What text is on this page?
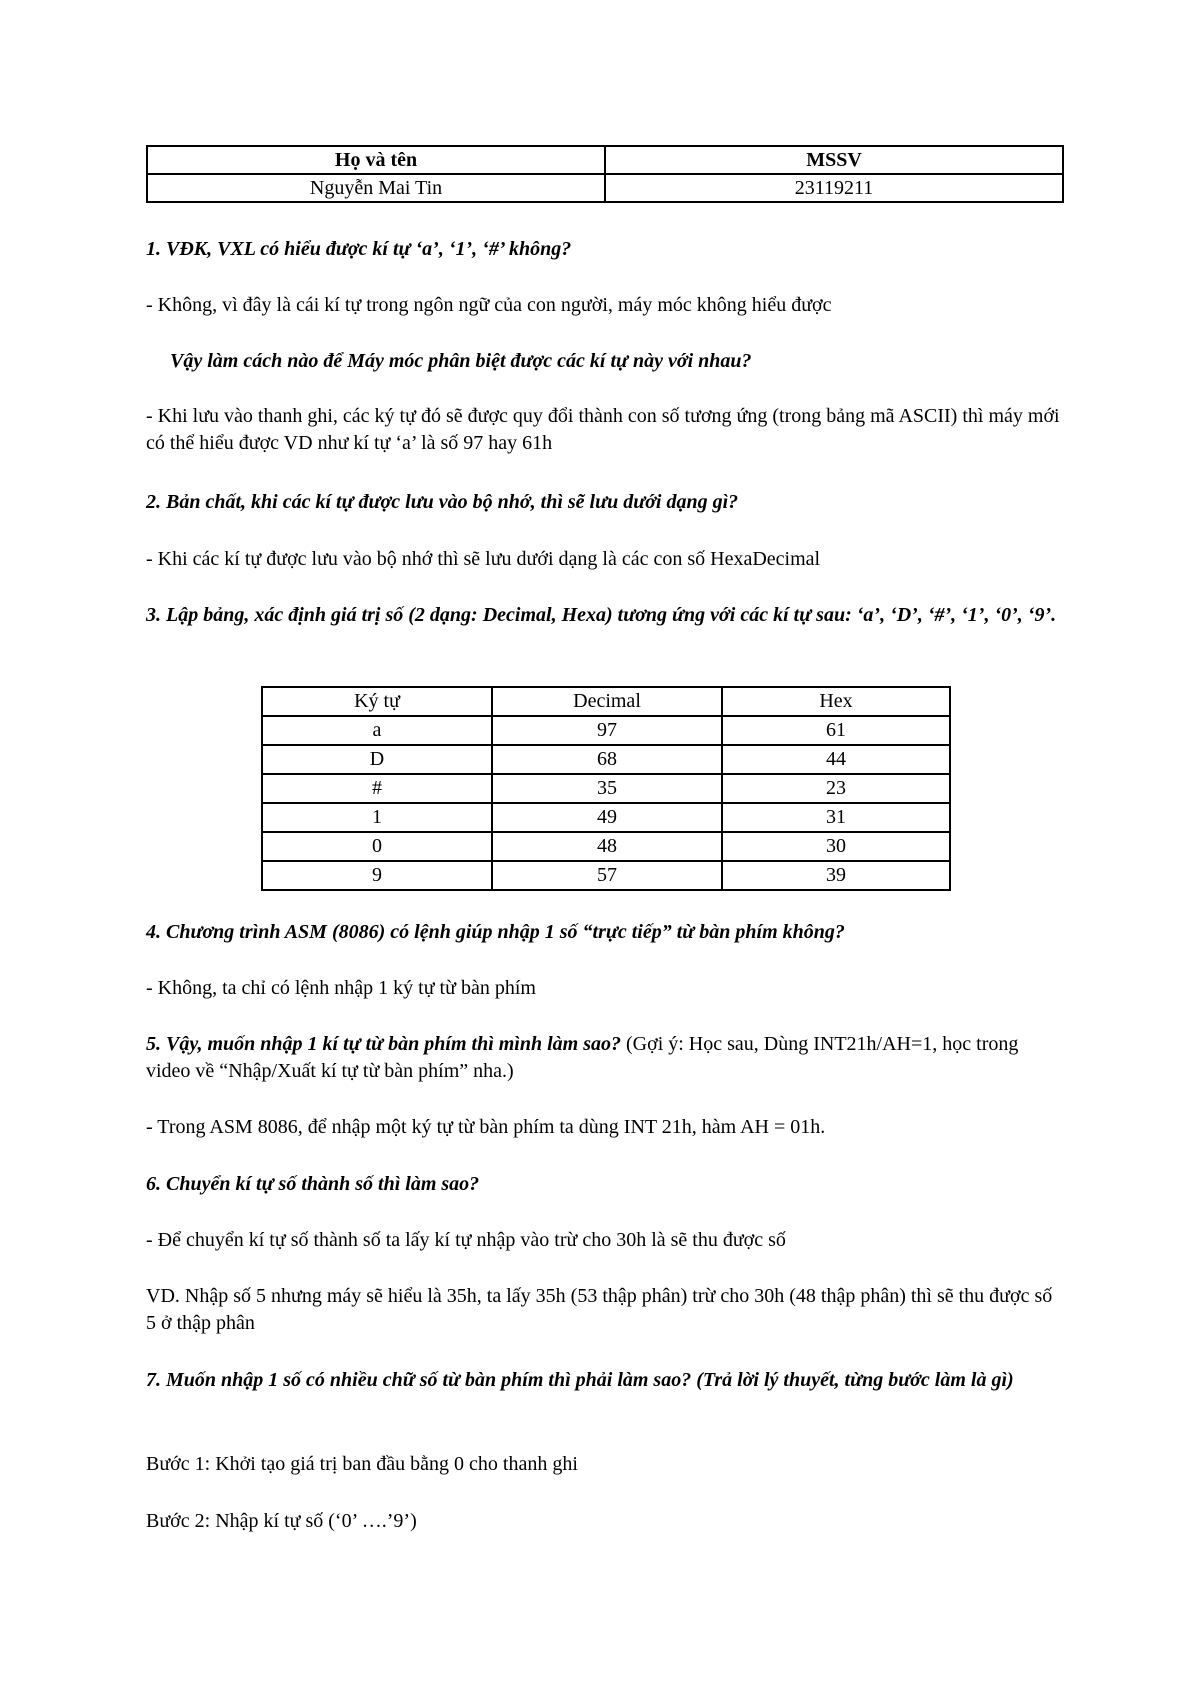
Họ và tên	MSSV
Nguyễn Mai Tin	23119211

1. VĐK, VXL có hiểu được kí tự ‘a’, ‘1’, ‘#’ không?

- Không, vì đây là cái kí tự trong ngôn ngữ của con người, máy móc không hiểu được

Vậy làm cách nào để Máy móc phân biệt được các kí tự này với nhau?

- Khi lưu vào thanh ghi, các ký tự đó sẽ được quy đổi thành con số tương ứng (trong bảng mã ASCII) thì máy mới có thể hiểu được VD như kí tự ‘a’ là số 97 hay 61h

2. Bản chất, khi các kí tự được lưu vào bộ nhớ, thì sẽ lưu dưới dạng gì?

- Khi các kí tự được lưu vào bộ nhớ thì sẽ lưu dưới dạng là các con số HexaDecimal

3. Lập bảng, xác định giá trị số (2 dạng: Decimal, Hexa) tương ứng với các kí tự sau: ‘a’, ‘D’, ‘#’, ‘1’, ‘0’, ‘9’.

Ký tự	Decimal	Hex
a	97	61
D	68	44
#	35	23
1	49	31
0	48	30
9	57	39

4. Chương trình ASM (8086) có lệnh giúp nhập 1 số “trực tiếp” từ bàn phím không?

- Không, ta chỉ có lệnh nhập 1 ký tự từ bàn phím

5. Vậy, muốn nhập 1 kí tự từ bàn phím thì mình làm sao? (Gợi ý: Học sau, Dùng INT21h/AH=1, học trong video về “Nhập/Xuất kí tự từ bàn phím” nha.)

- Trong ASM 8086, để nhập một ký tự từ bàn phím ta dùng INT 21h, hàm AH = 01h.

6. Chuyển kí tự số thành số thì làm sao?

- Để chuyển kí tự số thành số ta lấy kí tự nhập vào trừ cho 30h là sẽ thu được số

VD. Nhập số 5 nhưng máy sẽ hiểu là 35h, ta lấy 35h (53 thập phân) trừ cho 30h (48 thập phân) thì sẽ thu được số 5 ở thập phân

7. Muốn nhập 1 số có nhiều chữ số từ bàn phím thì phải làm sao? (Trả lời lý thuyết, từng bước làm là gì)

Bước 1: Khởi tạo giá trị ban đầu bằng 0 cho thanh ghi

Bước 2: Nhập kí tự số (‘0’ ….’9’)
